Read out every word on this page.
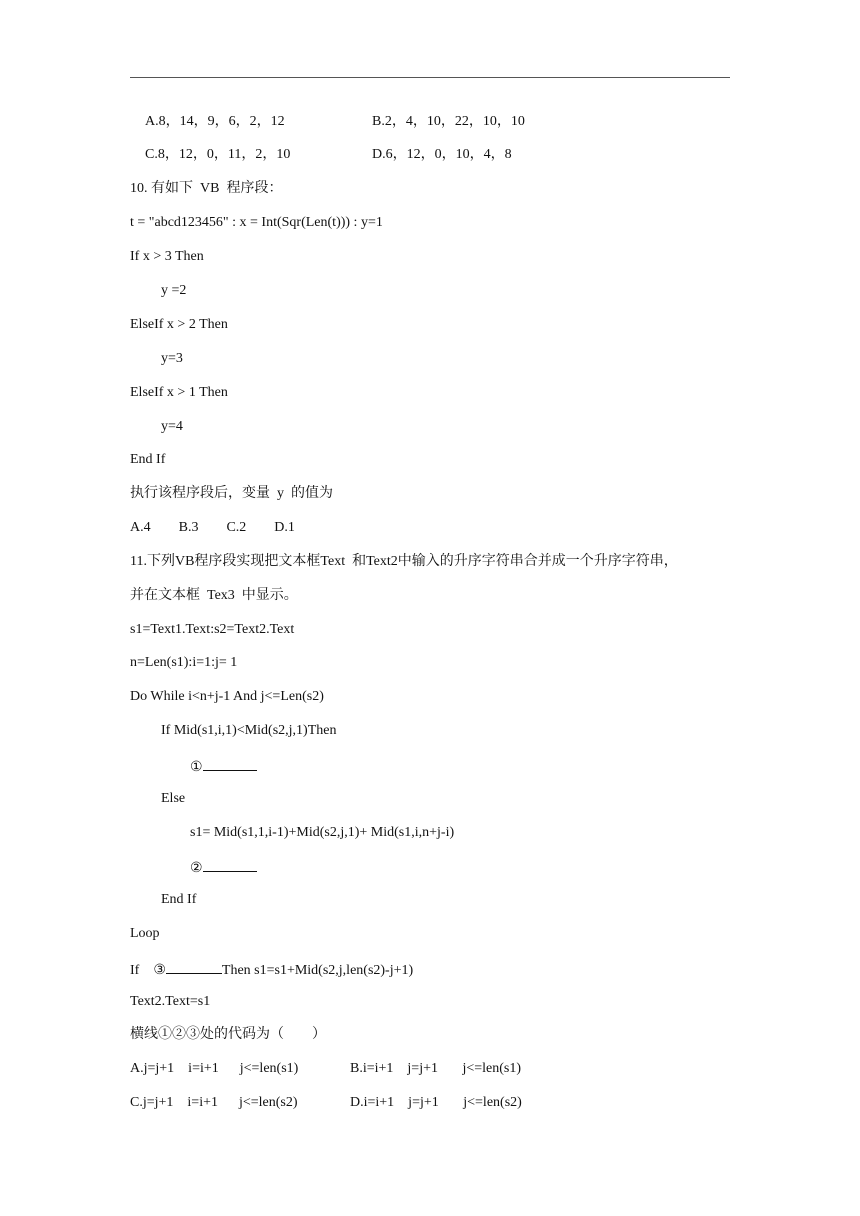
A.8，14，9，6，2，12	B.2，4，10，22，10，10
C.8，12，0，11，2，10	D.6，12，0，10，4，8
10. 有如下  VB  程序段：
t = "abcd123456" : x = Int(Sqr(Len(t))) : y=1
If x > 3 Then
y =2
ElseIf x > 2 Then
y=3
ElseIf x > 1 Then
y=4
End If
执行该程序段后，变量  y  的值为
A.4        B.3        C.2        D.1
11.下列VB程序段实现把文本框Text  和Text2中输入的升序字符串合并成一个升序字符串，
并在文本框  Tex3  中显示。
s1=Text1.Text:s2=Text2.Text
n=Len(s1):i=1:j= 1
Do While i<n+j-1 And j<=Len(s2)
If Mid(s1,i,1)<Mid(s2,j,1)Then
①
Else
s1= Mid(s1,1,i-1)+Mid(s2,j,1)+ Mid(s1,i,n+j-i)
②
End If
Loop
If    ③	Then s1=s1+Mid(s2,j,len(s2)-j+1)
Text2.Text=s1
横线①②③处的代码为（        ）
A.j=j+1    i=i+1      j<=len(s1)	B.i=i+1    j=j+1       j<=len(s1)
C.j=j+1    i=i+1      j<=len(s2)	D.i=i+1    j=j+1       j<=len(s2)
